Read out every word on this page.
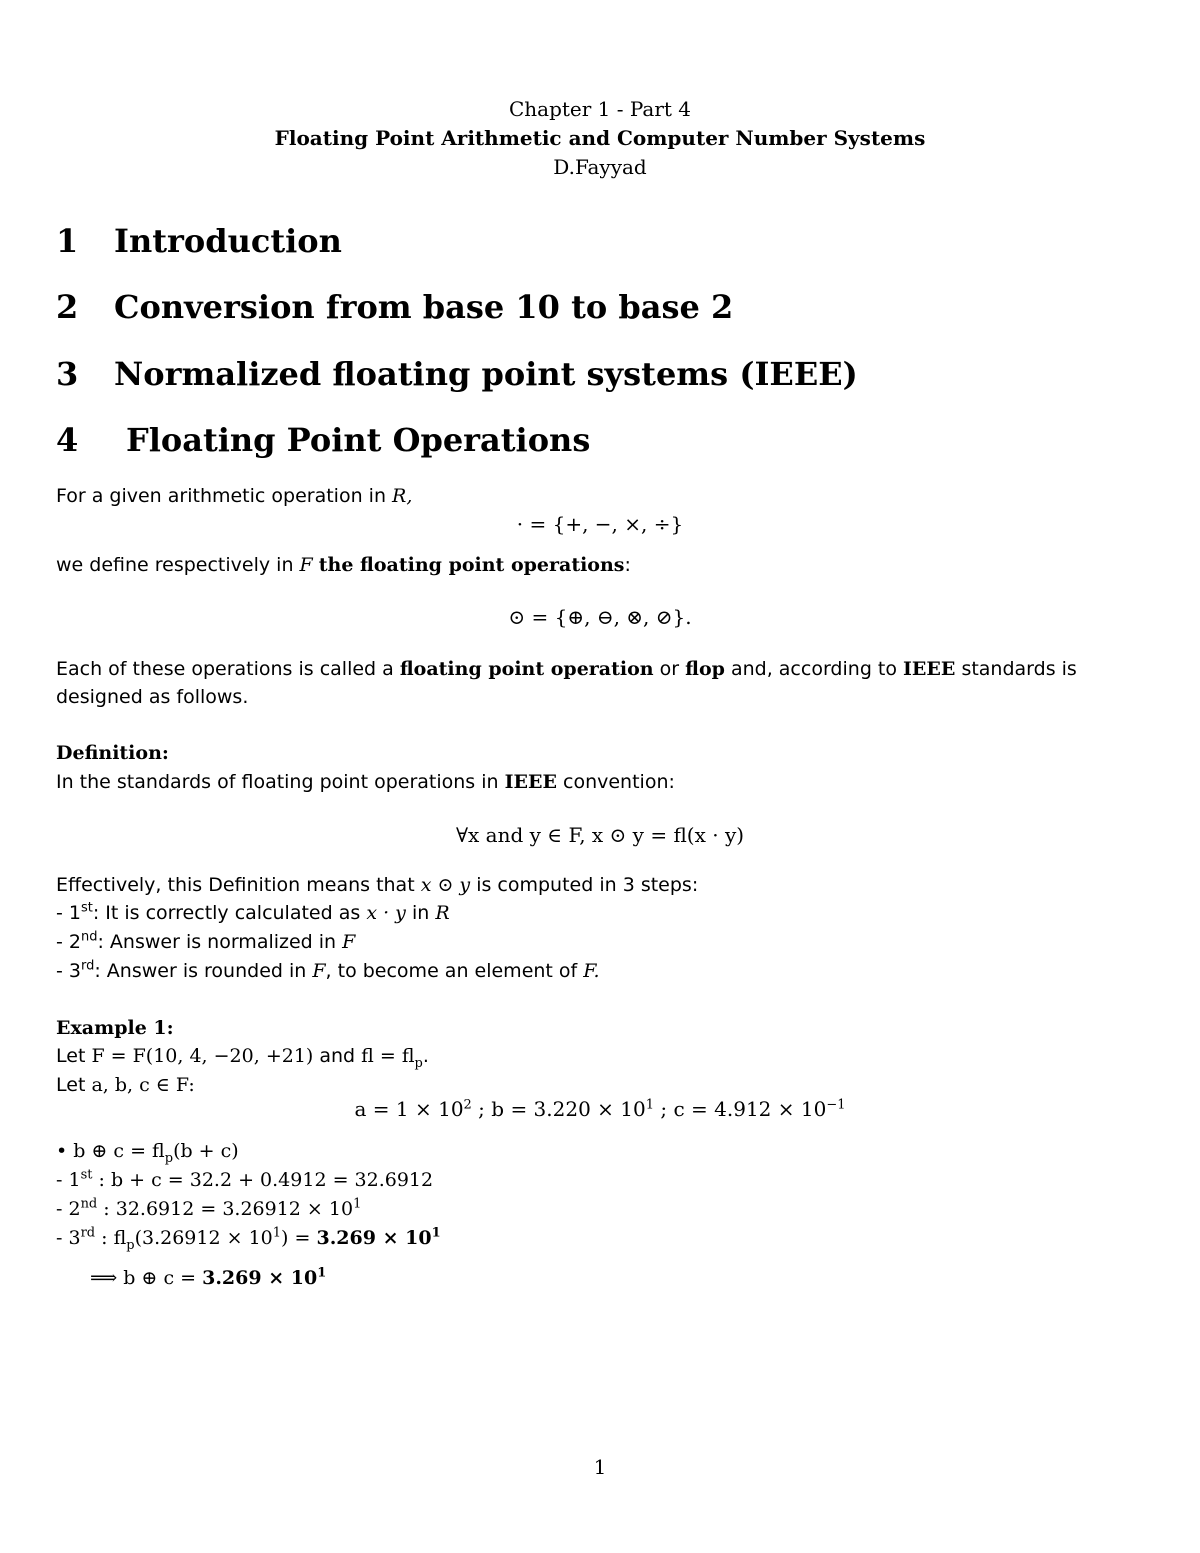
Chapter 1 - Part 4
Floating Point Arithmetic and Computer Number Systems
D.Fayyad
1 Introduction
2 Conversion from base 10 to base 2
3 Normalized floating point systems (IEEE)
4 Floating Point Operations
For a given arithmetic operation in R,
· = {+, −, ×, ÷}
we define respectively in F the floating point operations:
⊙ = {⊕, ⊖, ⊗, ⊘}.
Each of these operations is called a floating point operation or flop and, according to IEEE standards is
designed as follows.
Definition:
In the standards of floating point operations in IEEE convention:
∀x and y ∈ F, x ⊙ y = fl(x · y)
Effectively, this Definition means that x ⊙ y is computed in 3 steps:
- 1st: It is correctly calculated as x · y in R
- 2nd: Answer is normalized in F
- 3rd: Answer is rounded in F, to become an element of F.
Example 1:
Let F = F(10, 4, −20, +21) and fl = $fl_p$.
Let a, b, c ∈ F:
$a = 1 \times 10^2$ ; $b = 3.220 \times 10^1$ ; $c = 4.912 \times 10^{-1}$
• b ⊕ $c = fl_p(b + c)$
- 1st : b + c = 32.2 + 0.4912 = 32.6912
- 2nd : $32.6912 = 3.26912 \times 10^1$
- 3rd : $fl_p(3.26912 \times 10^1) = 3.269 \times 10^1$
⟹ b ⊕ $c = 3.269 \times 10^1$
1
